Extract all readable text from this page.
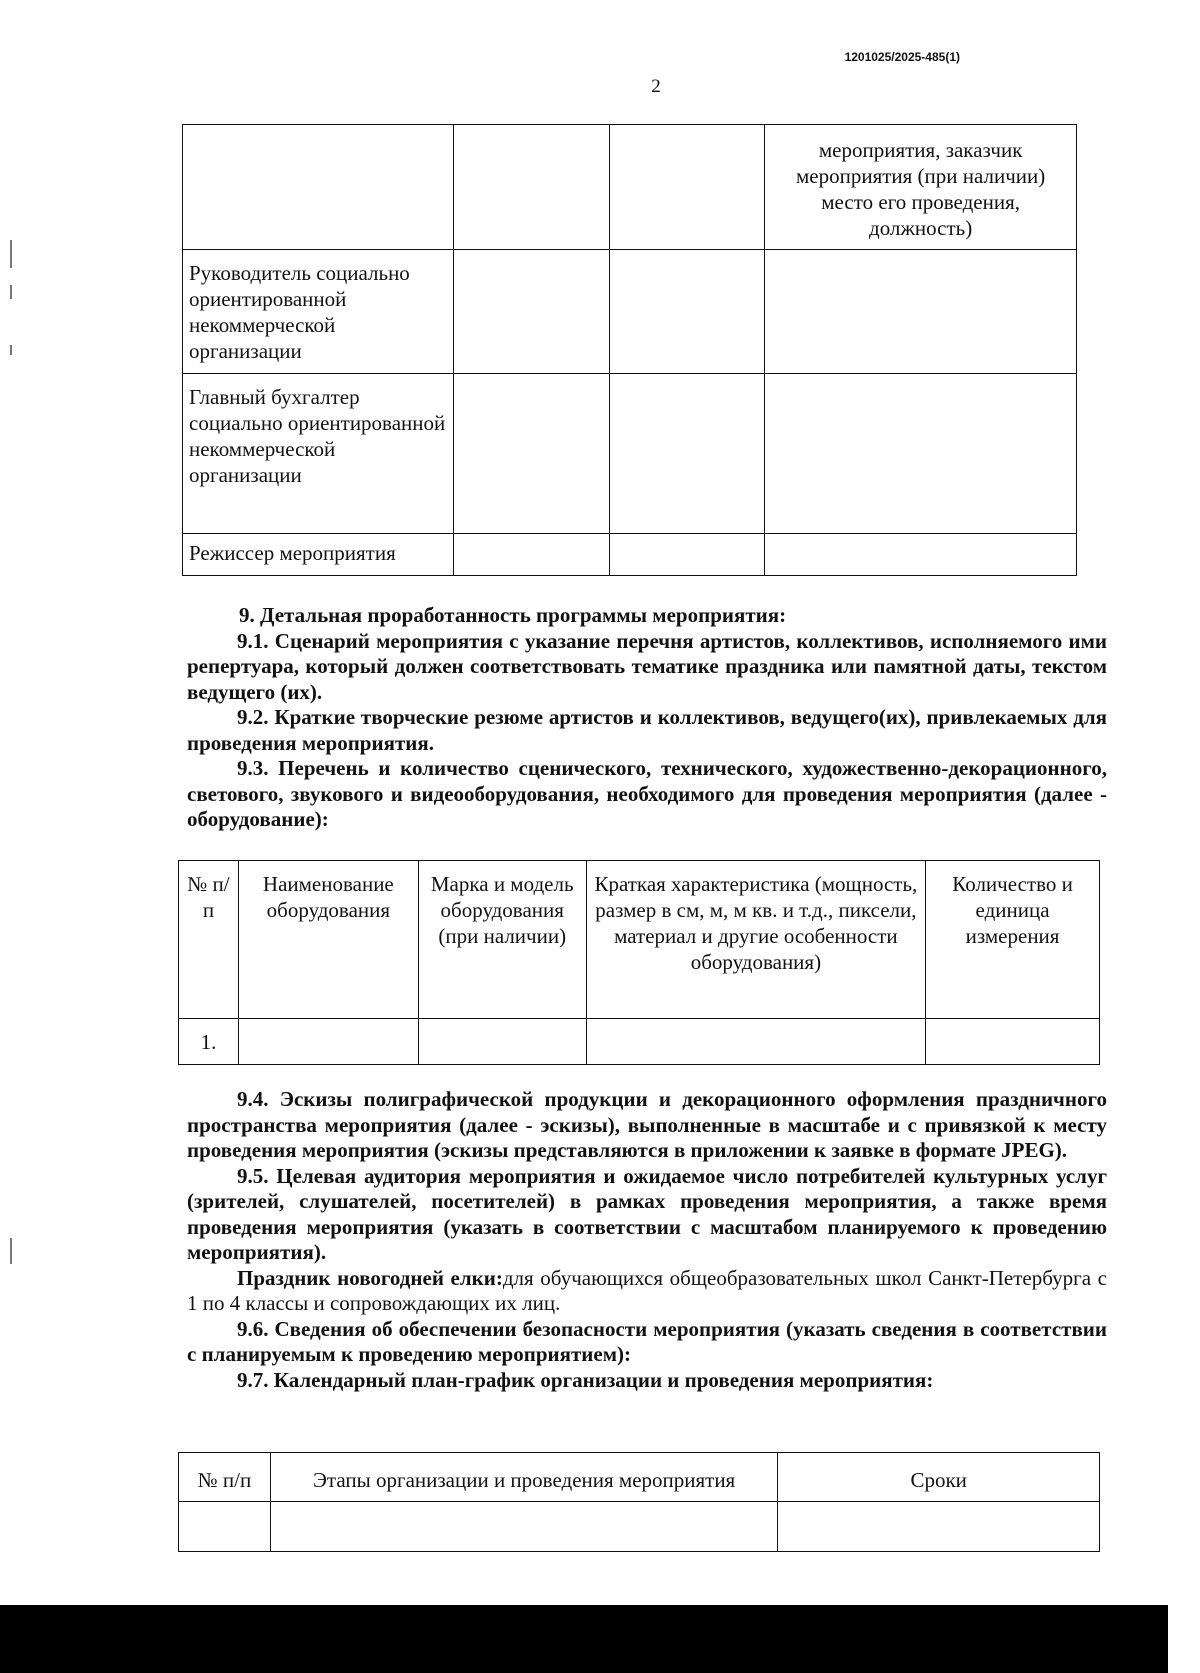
1201025/2025-485(1)
2
			мероприятия, заказчик мероприятия (при наличии) место его проведения, должность)
Руководитель социально ориентированной некоммерческой организации			
Главный бухгалтер социально ориентированной некоммерческой организации			
Режиссер мероприятия			

9. Детальная проработанность программы мероприятия:

9.1. Сценарий мероприятия с указание перечня артистов, коллективов, исполняемого ими репертуара, который должен соответствовать тематике праздника или памятной даты, текстом ведущего (их).

9.2. Краткие творческие резюме артистов и коллективов, ведущего(их), привлекаемых для проведения мероприятия.

9.3. Перечень и количество сценического, технического, художественно-декорационного, светового, звукового и видеооборудования, необходимого для проведения мероприятия (далее - оборудование):

№ п/п	Наименование оборудования	Марка и модель оборудования (при наличии)	Краткая характеристика (мощность, размер в см, м, м кв. и т.д., пиксели, материал и другие особенности оборудования)	Количество и единица измерения
1.				

9.4. Эскизы полиграфической продукции и декорационного оформления праздничного пространства мероприятия (далее - эскизы), выполненные в масштабе и с привязкой к месту проведения мероприятия (эскизы представляются в приложении к заявке в формате JPEG).

9.5. Целевая аудитория мероприятия и ожидаемое число потребителей культурных услуг (зрителей, слушателей, посетителей) в рамках проведения мероприятия, а также время проведения мероприятия (указать в соответствии с масштабом планируемого к проведению мероприятия).

Праздник новогодней елки:для обучающихся общеобразовательных школ Санкт-Петербурга с 1 по 4 классы и сопровождающих их лиц.

9.6. Сведения об обеспечении безопасности мероприятия (указать сведения в соответствии с планируемым к проведению мероприятием):

9.7. Календарный план-график организации и проведения мероприятия:

№ п/п	Этапы организации и проведения мероприятия	Сроки
